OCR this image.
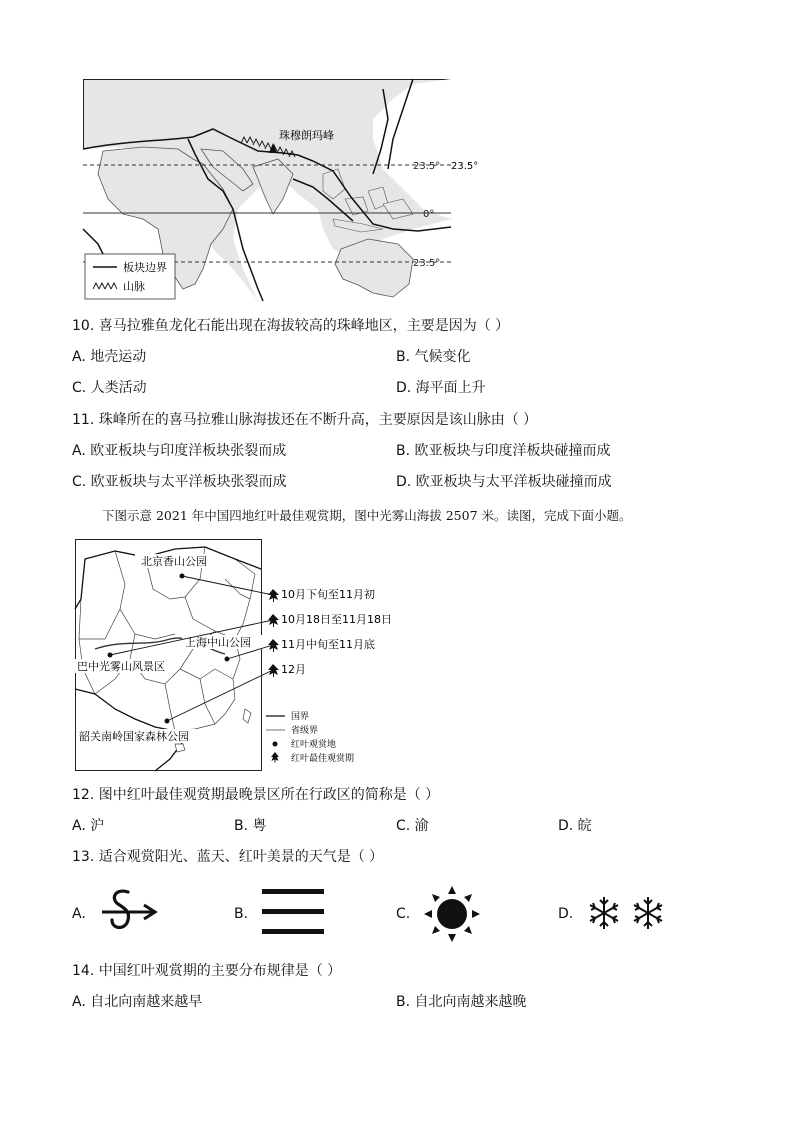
珠穆朗玛峰
23.5°
23.5°
0°
23.5°
板块边界
山脉
10. 喜马拉雅鱼龙化石能出现在海拔较高的珠峰地区，主要是因为（ ）
A. 地壳运动	B. 气候变化
C. 人类活动	D. 海平面上升
11. 珠峰所在的喜马拉雅山脉海拔还在不断升高，主要原因是该山脉由（ ）
A. 欧亚板块与印度洋板块张裂而成	B. 欧亚板块与印度洋板块碰撞而成
C. 欧亚板块与太平洋板块张裂而成	D. 欧亚板块与太平洋板块碰撞而成
下图示意 2021 年中国四地红叶最佳观赏期，图中光雾山海拔 2507 米。读图，完成下面小题。
北京香山公园
上海中山公园
巴中光雾山风景区
韶关南岭国家森林公园
10月下旬至11月初
10月18日至11月18日
11月中旬至11月底
12月
国界
省级界
红叶观赏地
红叶最佳观赏期
12. 图中红叶最佳观赏期最晚景区所在行政区的简称是（ ）
A. 沪	B. 粤	C. 渝	D. 皖
13. 适合观赏阳光、蓝天、红叶美景的天气是（ ）
A.	B.	C.	D.
14. 中国红叶观赏期的主要分布规律是（ ）
A. 自北向南越来越早	B. 自北向南越来越晚
